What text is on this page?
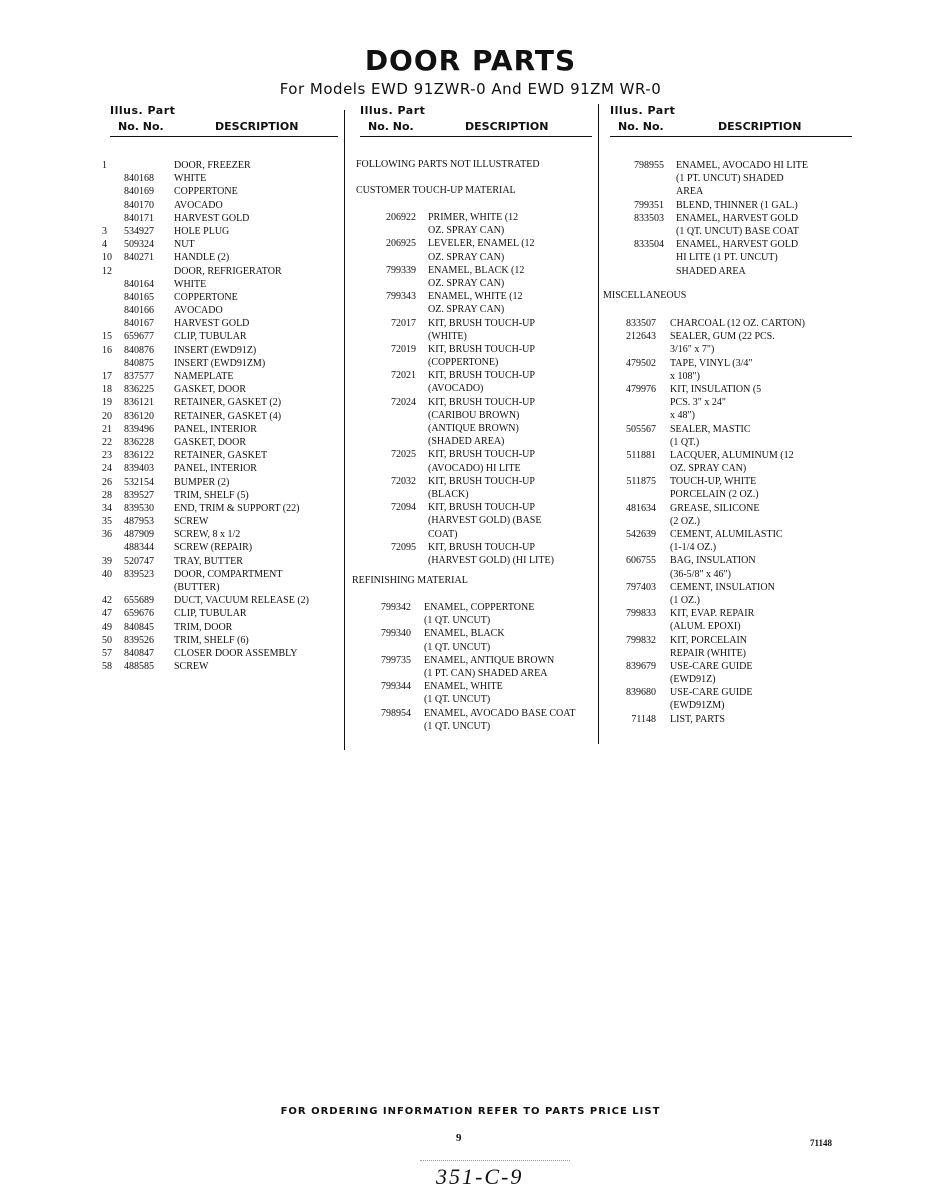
DOOR PARTS
For Models EWD 91ZWR-0 And EWD 91ZM WR-0
Illus. Part
No. No.	DESCRIPTION
Illus. Part
No. No.	DESCRIPTION
Illus. Part
No. No.	DESCRIPTION
1	DOOR, FREEZER
840168 WHITE
840169 COPPERTONE
840170 AVOCADO
840171 HARVEST GOLD
3	534927 HOLE PLUG
4	509324 NUT
10	840271 HANDLE (2)
12	DOOR, REFRIGERATOR
840164 WHITE
840165 COPPERTONE
840166 AVOCADO
840167 HARVEST GOLD
15	659677 CLIP, TUBULAR
16	840876 INSERT (EWD91Z)
840875 INSERT (EWD91ZM)
17	837577 NAMEPLATE
18	836225 GASKET, DOOR
19	836121 RETAINER, GASKET (2)
20	836120 RETAINER, GASKET (4)
21	839496 PANEL, INTERIOR
22	836228 GASKET, DOOR
23	836122 RETAINER, GASKET
24	839403 PANEL, INTERIOR
26	532154 BUMPER (2)
28	839527 TRIM, SHELF (5)
34	839530 END, TRIM & SUPPORT (22)
35	487953 SCREW
36	487909 SCREW, 8 x 1/2
488344 SCREW (REPAIR)
39	520747 TRAY, BUTTER
40	839523 DOOR, COMPARTMENT
(BUTTER)
42	655689 DUCT, VACUUM RELEASE (2)
47	659676 CLIP, TUBULAR
49	840845 TRIM, DOOR
50	839526 TRIM, SHELF (6)
57	840847 CLOSER DOOR ASSEMBLY
58	488585 SCREW
FOLLOWING PARTS NOT ILLUSTRATED
CUSTOMER TOUCH-UP MATERIAL
206922 PRIMER, WHITE (12
OZ. SPRAY CAN)
206925 LEVELER, ENAMEL (12
OZ. SPRAY CAN)
799339 ENAMEL, BLACK (12
OZ. SPRAY CAN)
799343 ENAMEL, WHITE (12
OZ. SPRAY CAN)
72017 KIT, BRUSH TOUCH-UP
(WHITE)
72019 KIT, BRUSH TOUCH-UP
(COPPERTONE)
72021 KIT, BRUSH TOUCH-UP
(AVOCADO)
72024 KIT, BRUSH TOUCH-UP
(CARIBOU BROWN)
(ANTIQUE BROWN)
(SHADED AREA)
72025 KIT, BRUSH TOUCH-UP
(AVOCADO) HI LITE
72032 KIT, BRUSH TOUCH-UP
(BLACK)
72094 KIT, BRUSH TOUCH-UP
(HARVEST GOLD) (BASE
COAT)
72095 KIT, BRUSH TOUCH-UP
(HARVEST GOLD) (HI LITE)
REFINISHING MATERIAL
799342 ENAMEL, COPPERTONE
(1 QT. UNCUT)
799340 ENAMEL, BLACK
(1 QT. UNCUT)
799735 ENAMEL, ANTIQUE BROWN
(1 PT. CAN) SHADED AREA
799344 ENAMEL, WHITE
(1 QT. UNCUT)
798954 ENAMEL, AVOCADO BASE COAT
(1 QT. UNCUT)
798955 ENAMEL, AVOCADO HI LITE
(1 PT. UNCUT) SHADED
AREA
799351 BLEND, THINNER (1 GAL.)
833503 ENAMEL, HARVEST GOLD
(1 QT. UNCUT) BASE COAT
833504 ENAMEL, HARVEST GOLD
HI LITE (1 PT. UNCUT)
SHADED AREA
MISCELLANEOUS
833507 CHARCOAL (12 OZ. CARTON)
212643 SEALER, GUM (22 PCS.
3/16" x 7")
479502 TAPE, VINYL (3/4"
x 108")
479976 KIT, INSULATION (5
PCS. 3" x 24"
x 48")
505567 SEALER, MASTIC
(1 QT.)
511881 LACQUER, ALUMINUM (12
OZ. SPRAY CAN)
511875 TOUCH-UP, WHITE
PORCELAIN (2 OZ.)
481634 GREASE, SILICONE
(2 OZ.)
542639 CEMENT, ALUMILASTIC
(1-1/4 OZ.)
606755 BAG, INSULATION
(36-5/8" x 46")
797403 CEMENT, INSULATION
(1 OZ.)
799833 KIT, EVAP. REPAIR
(ALUM. EPOXI)
799832 KIT, PORCELAIN
REPAIR (WHITE)
839679 USE-CARE GUIDE
(EWD91Z)
839680 USE-CARE GUIDE
(EWD91ZM)
71148 LIST, PARTS
FOR ORDERING INFORMATION REFER TO PARTS PRICE LIST
9	71148
351-C-9
